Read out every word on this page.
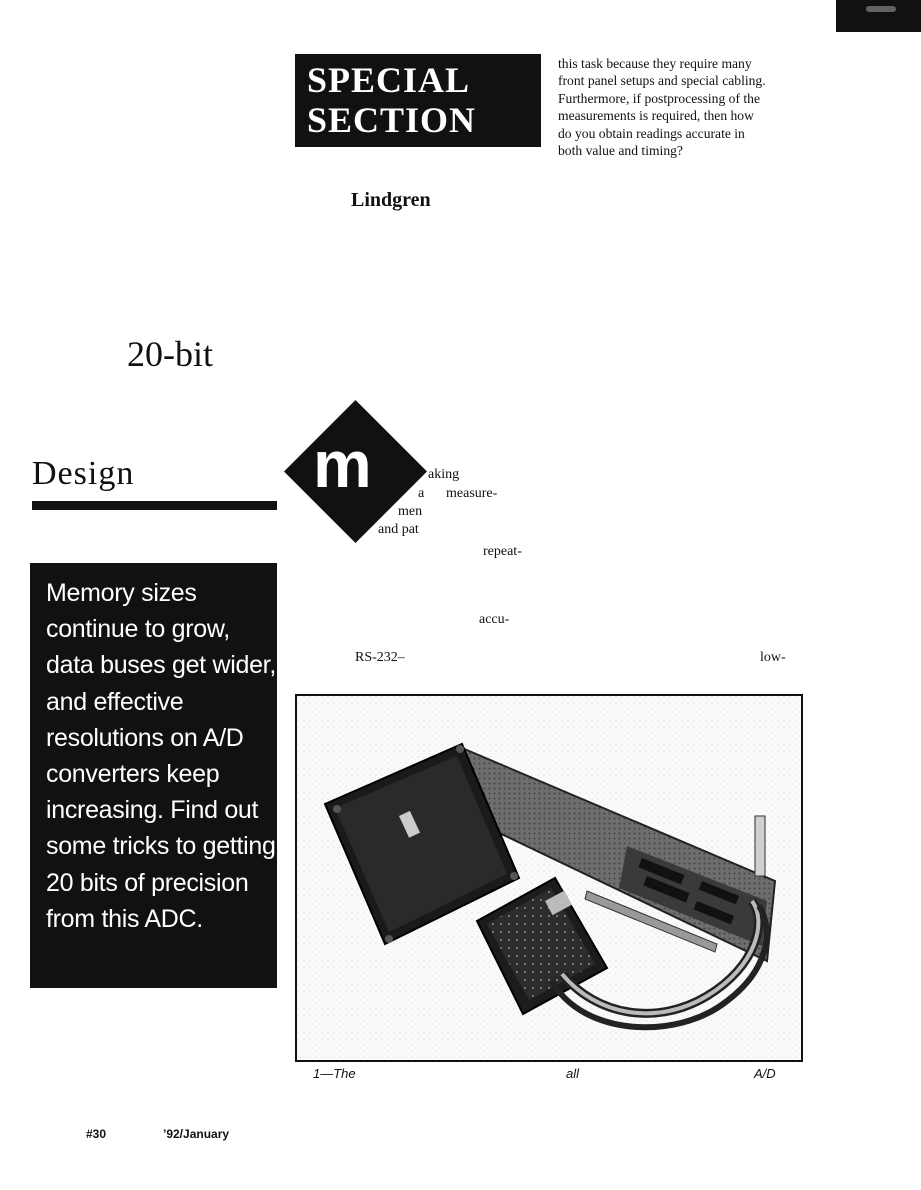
SPECIAL
SECTION
this task because they require many
front panel setups and special cabling.
Furthermore, if postprocessing of the
measurements is required, then how
do you obtain readings accurate in
both value and timing?
Lindgren
20-bit
Design
Memory sizes
continue to grow,
data buses get wider,
and effective
resolutions on A/D
converters keep
increasing. Find out
some tricks to getting
20 bits of precision
from this ADC.
m	aking
a measure-
men
and pat
repeat-
accu-
RS-232–	low-
1—The	all	A/D
#30	’92/January
